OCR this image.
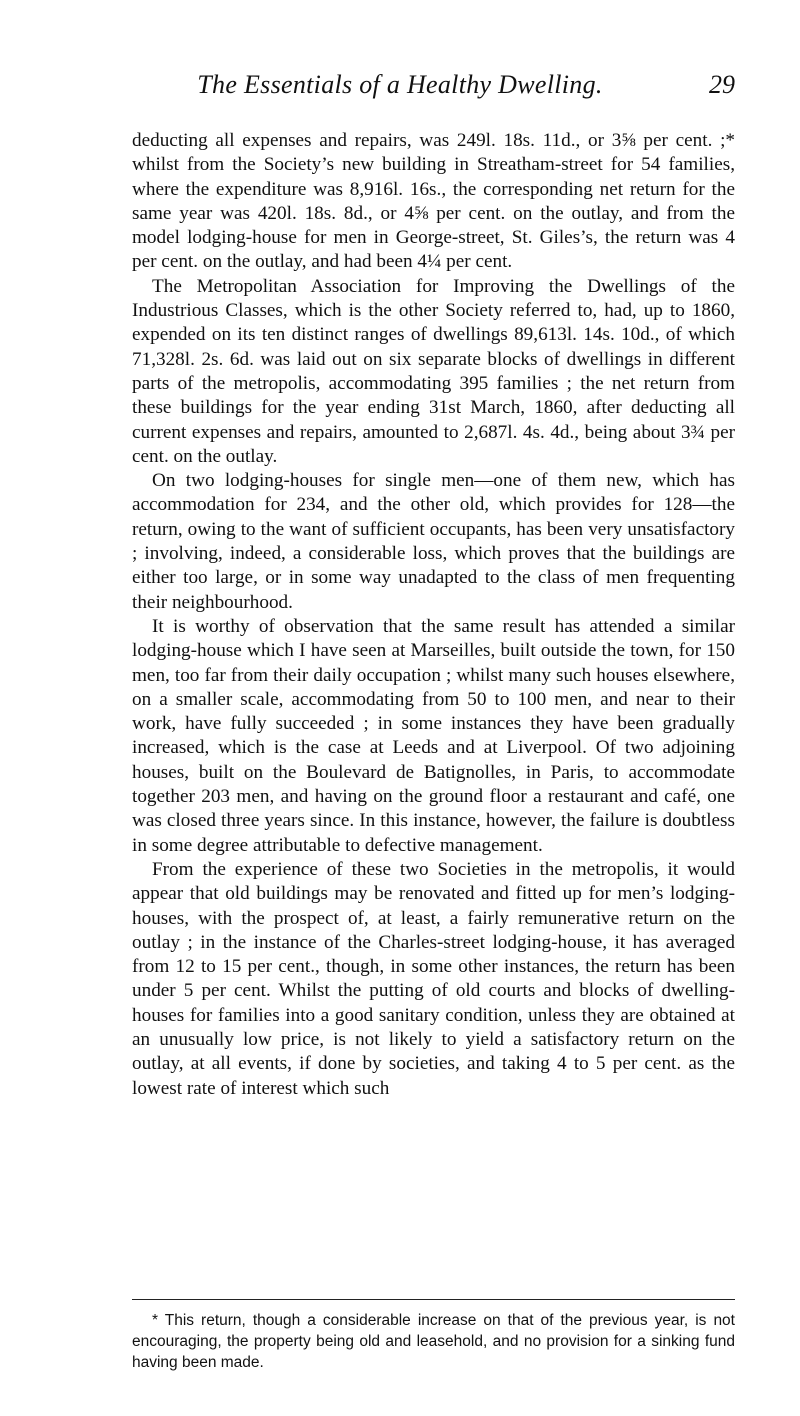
The Essentials of a Healthy Dwelling.	29

deducting all expenses and repairs, was 249l. 18s. 11d., or 3⅝ per cent. ;* whilst from the Society’s new building in Streatham-street for 54 families, where the expenditure was 8,916l. 16s., the corresponding net return for the same year was 420l. 18s. 8d., or 4⅝ per cent. on the outlay, and from the model lodging-house for men in George-street, St. Giles’s, the return was 4 per cent. on the outlay, and had been 4¼ per cent.

The Metropolitan Association for Improving the Dwellings of the Industrious Classes, which is the other Society referred to, had, up to 1860, expended on its ten distinct ranges of dwellings 89,613l. 14s. 10d., of which 71,328l. 2s. 6d. was laid out on six separate blocks of dwellings in different parts of the metropolis, accommodating 395 families ; the net return from these buildings for the year ending 31st March, 1860, after deducting all current expenses and repairs, amounted to 2,687l. 4s. 4d., being about 3¾ per cent. on the outlay.

On two lodging-houses for single men—one of them new, which has accommodation for 234, and the other old, which provides for 128—the return, owing to the want of sufficient occupants, has been very unsatisfactory ; involving, indeed, a considerable loss, which proves that the buildings are either too large, or in some way unadapted to the class of men frequenting their neighbourhood.

It is worthy of observation that the same result has attended a similar lodging-house which I have seen at Marseilles, built outside the town, for 150 men, too far from their daily occupation ; whilst many such houses elsewhere, on a smaller scale, accommodating from 50 to 100 men, and near to their work, have fully succeeded ; in some instances they have been gradually increased, which is the case at Leeds and at Liverpool. Of two adjoining houses, built on the Boulevard de Batignolles, in Paris, to accommodate together 203 men, and having on the ground floor a restaurant and café, one was closed three years since. In this instance, however, the failure is doubtless in some degree attributable to defective management.

From the experience of these two Societies in the metropolis, it would appear that old buildings may be renovated and fitted up for men’s lodging-houses, with the prospect of, at least, a fairly remunerative return on the outlay ; in the instance of the Charles-street lodging-house, it has averaged from 12 to 15 per cent., though, in some other instances, the return has been under 5 per cent. Whilst the putting of old courts and blocks of dwelling-houses for families into a good sanitary condition, unless they are obtained at an unusually low price, is not likely to yield a satisfactory return on the outlay, at all events, if done by societies, and taking 4 to 5 per cent. as the lowest rate of interest which such

* This return, though a considerable increase on that of the previous year, is not encouraging, the property being old and leasehold, and no provision for a sinking fund having been made.
